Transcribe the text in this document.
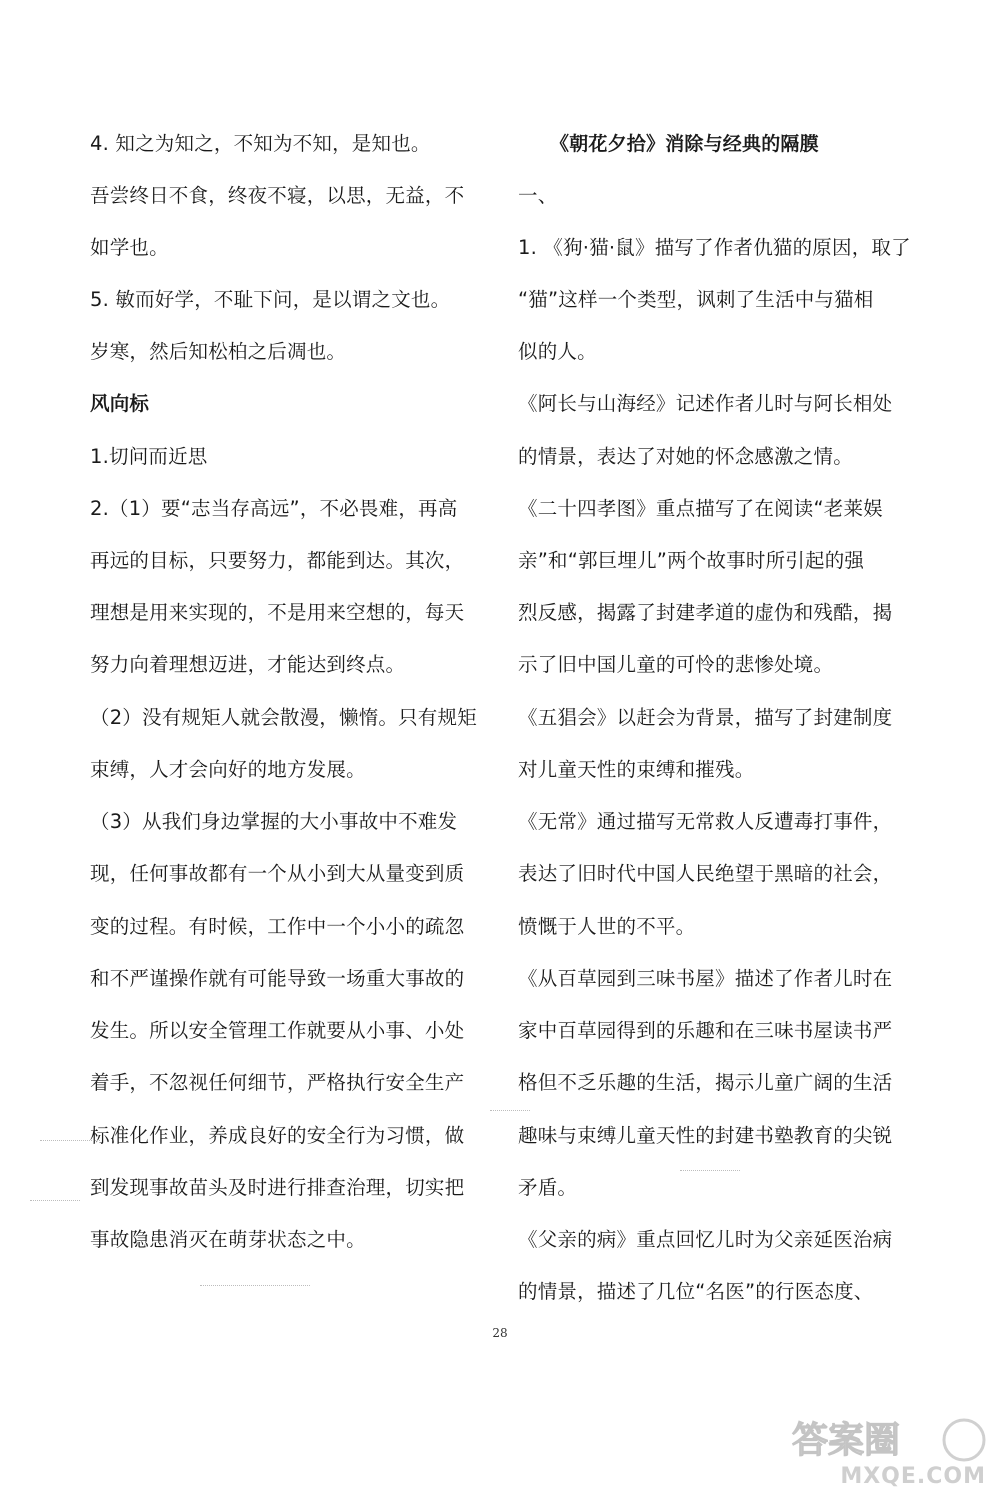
4. 知之为知之，不知为不知，是知也。
吾尝终日不食，终夜不寝，以思，无益，不
如学也。
5. 敏而好学，不耻下问，是以谓之文也。
岁寒，然后知松柏之后凋也。
风向标
1.切问而近思
2.（1）要“志当存高远”，不必畏难，再高
再远的目标，只要努力，都能到达。其次，
理想是用来实现的，不是用来空想的，每天
努力向着理想迈进，才能达到终点。
（2）没有规矩人就会散漫，懒惰。只有规矩
束缚，人才会向好的地方发展。
（3）从我们身边掌握的大小事故中不难发
现，任何事故都有一个从小到大从量变到质
变的过程。有时候，工作中一个小小的疏忽
和不严谨操作就有可能导致一场重大事故的
发生。所以安全管理工作就要从小事、小处
着手，不忽视任何细节，严格执行安全生产
标准化作业，养成良好的安全行为习惯，做
到发现事故苗头及时进行排查治理，切实把
事故隐患消灭在萌芽状态之中。
《朝花夕拾》消除与经典的隔膜
一、
1. 《狗·猫·鼠》描写了作者仇猫的原因，取了
“猫”这样一个类型，讽刺了生活中与猫相
似的人。
《阿长与山海经》记述作者儿时与阿长相处
的情景，表达了对她的怀念感激之情。
《二十四孝图》重点描写了在阅读“老莱娱
亲”和“郭巨埋儿”两个故事时所引起的强
烈反感，揭露了封建孝道的虚伪和残酷，揭
示了旧中国儿童的可怜的悲惨处境。
《五猖会》以赶会为背景，描写了封建制度
对儿童天性的束缚和摧残。
《无常》通过描写无常救人反遭毒打事件，
表达了旧时代中国人民绝望于黑暗的社会，
愤慨于人世的不平。
《从百草园到三味书屋》描述了作者儿时在
家中百草园得到的乐趣和在三味书屋读书严
格但不乏乐趣的生活，揭示儿童广阔的生活
趣味与束缚儿童天性的封建书塾教育的尖锐
矛盾。
《父亲的病》重点回忆儿时为父亲延医治病
的情景，描述了几位“名医”的行医态度、
28
答案圈
MXQE.COM
